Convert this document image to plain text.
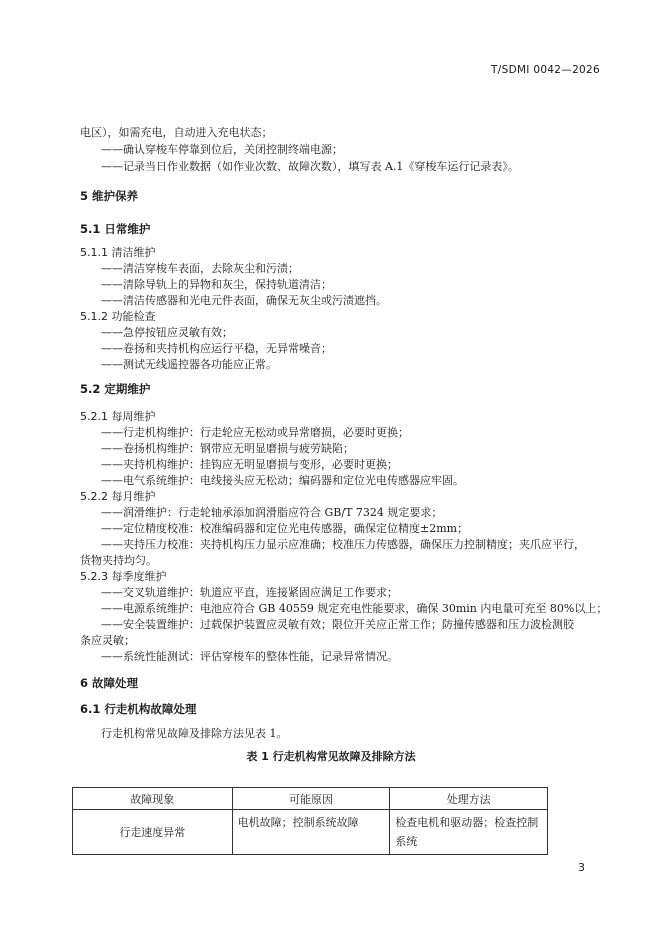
T/SDMI 0042—2026
电区），如需充电，自动进入充电状态；
——确认穿梭车停靠到位后，关闭控制终端电源；
——记录当日作业数据（如作业次数、故障次数），填写表 A.1《穿梭车运行记录表》。
5 维护保养
5.1 日常维护
5.1.1 清洁维护
——清洁穿梭车表面，去除灰尘和污渍；
——清除导轨上的异物和灰尘，保持轨道清洁；
——清洁传感器和光电元件表面，确保无灰尘或污渍遮挡。
5.1.2 功能检查
——急停按钮应灵敏有效；
——卷扬和夹持机构应运行平稳，无异常噪音；
——测试无线遥控器各功能应正常。
5.2 定期维护
5.2.1 每周维护
——行走机构维护：行走轮应无松动或异常磨损，必要时更换；
——卷扬机构维护：钢带应无明显磨损与疲劳缺陷；
——夹持机构维护：挂钩应无明显磨损与变形，必要时更换；
——电气系统维护：电线接头应无松动；编码器和定位光电传感器应牢固。
5.2.2 每月维护
——润滑维护：行走轮轴承添加润滑脂应符合 GB/T 7324 规定要求；
——定位精度校准：校准编码器和定位光电传感器，确保定位精度±2mm；
——夹持压力校准：夹持机构压力显示应准确；校准压力传感器，确保压力控制精度；夹爪应平行，
货物夹持均匀。
5.2.3 每季度维护
——交叉轨道维护：轨道应平直，连接紧固应满足工作要求；
——电源系统维护：电池应符合 GB 40559 规定充电性能要求，确保 30min 内电量可充至 80%以上；
——安全装置维护：过载保护装置应灵敏有效；限位开关应正常工作；防撞传感器和压力波检测胶
条应灵敏；
——系统性能测试：评估穿梭车的整体性能，记录异常情况。
6 故障处理
6.1 行走机构故障处理
行走机构常见故障及排除方法见表 1。
表 1 行走机构常见故障及排除方法
故障现象	可能原因	处理方法
行走速度异常	电机故障；控制系统故障	检查电机和驱动器；检查控制
系统
3
